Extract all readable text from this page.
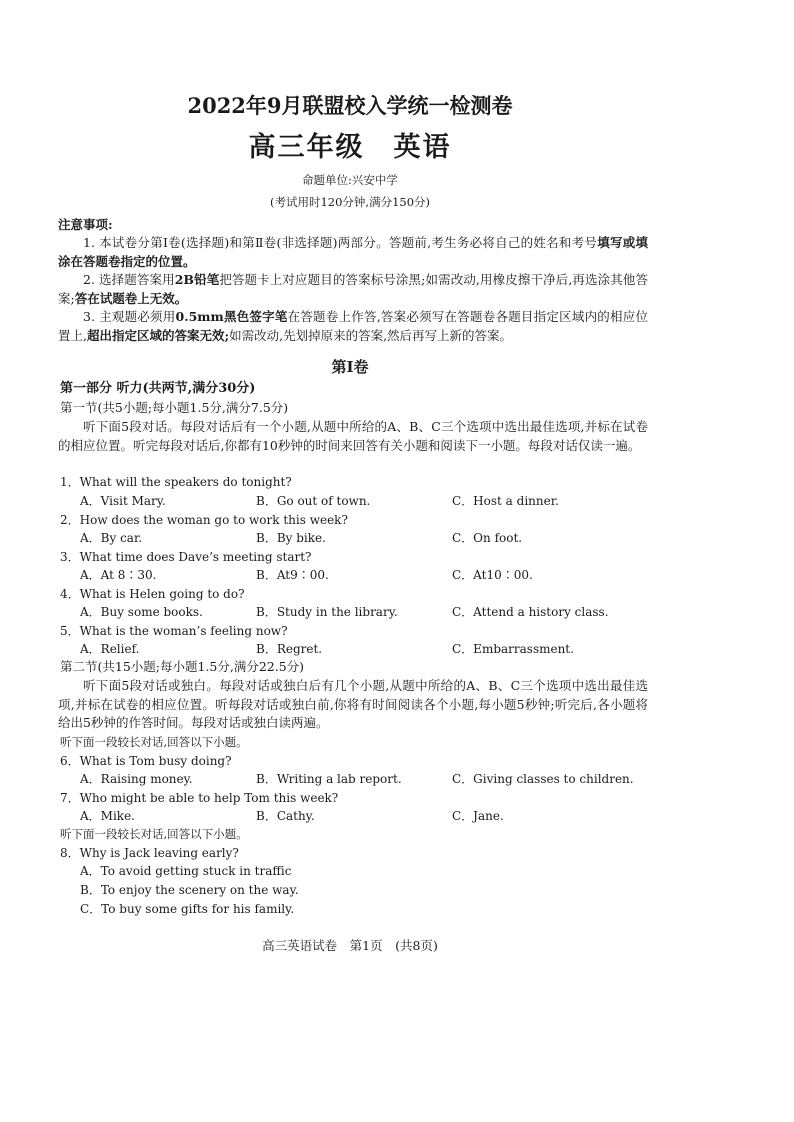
2022年9月联盟校入学统一检测卷
高三年级　英语
命题单位:兴安中学
(考试用时120分钟,满分150分)
注意事项:
1. 本试卷分第Ⅰ卷(选择题)和第Ⅱ卷(非选择题)两部分。答题前,考生务必将自己的姓名和考号填写或填涂在答题卷指定的位置。
2. 选择题答案用2B铅笔把答题卡上对应题目的答案标号涂黑;如需改动,用橡皮擦干净后,再选涂其他答案;答在试题卷上无效。
3. 主观题必须用0.5mm黑色签字笔在答题卷上作答,答案必须写在答题卷各题目指定区域内的相应位置上,超出指定区域的答案无效;如需改动,先划掉原来的答案,然后再写上新的答案。
第Ⅰ卷
第一部分 听力(共两节,满分30分)
第一节(共5小题;每小题1.5分,满分7.5分)
听下面5段对话。每段对话后有一个小题,从题中所给的A、B、C三个选项中选出最佳选项,并标在试卷的相应位置。听完每段对话后,你都有10秒钟的时间来回答有关小题和阅读下一小题。每段对话仅读一遍。
1．What will the speakers do tonight?
A．Visit Mary.	B．Go out of town.	C．Host a dinner.
2．How does the woman go to work this week?
A．By car.	B．By bike.	C．On foot.
3．What time does Dave’s meeting start?
A．At 8∶30.	B．At9∶00.	C．At10∶00.
4．What is Helen going to do?
A．Buy some books.	B．Study in the library.	C．Attend a history class.
5．What is the woman’s feeling now?
A．Relief.	B．Regret.	C．Embarrassment.
第二节(共15小题;每小题1.5分,满分22.5分)
听下面5段对话或独白。每段对话或独白后有几个小题,从题中所给的A、B、C三个选项中选出最佳选项,并标在试卷的相应位置。听每段对话或独白前,你将有时间阅读各个小题,每小题5秒钟;听完后,各小题将给出5秒钟的作答时间。每段对话或独白读两遍。
听下面一段较长对话,回答以下小题。
6．What is Tom busy doing?
A．Raising money.	B．Writing a lab report.	C．Giving classes to children.
7．Who might be able to help Tom this week?
A．Mike.	B．Cathy.	C．Jane.
听下面一段较长对话,回答以下小题。
8．Why is Jack leaving early?
A．To avoid getting stuck in traffic
B．To enjoy the scenery on the way.
C．To buy some gifts for his family.
高三英语试卷　第1页　(共8页)
